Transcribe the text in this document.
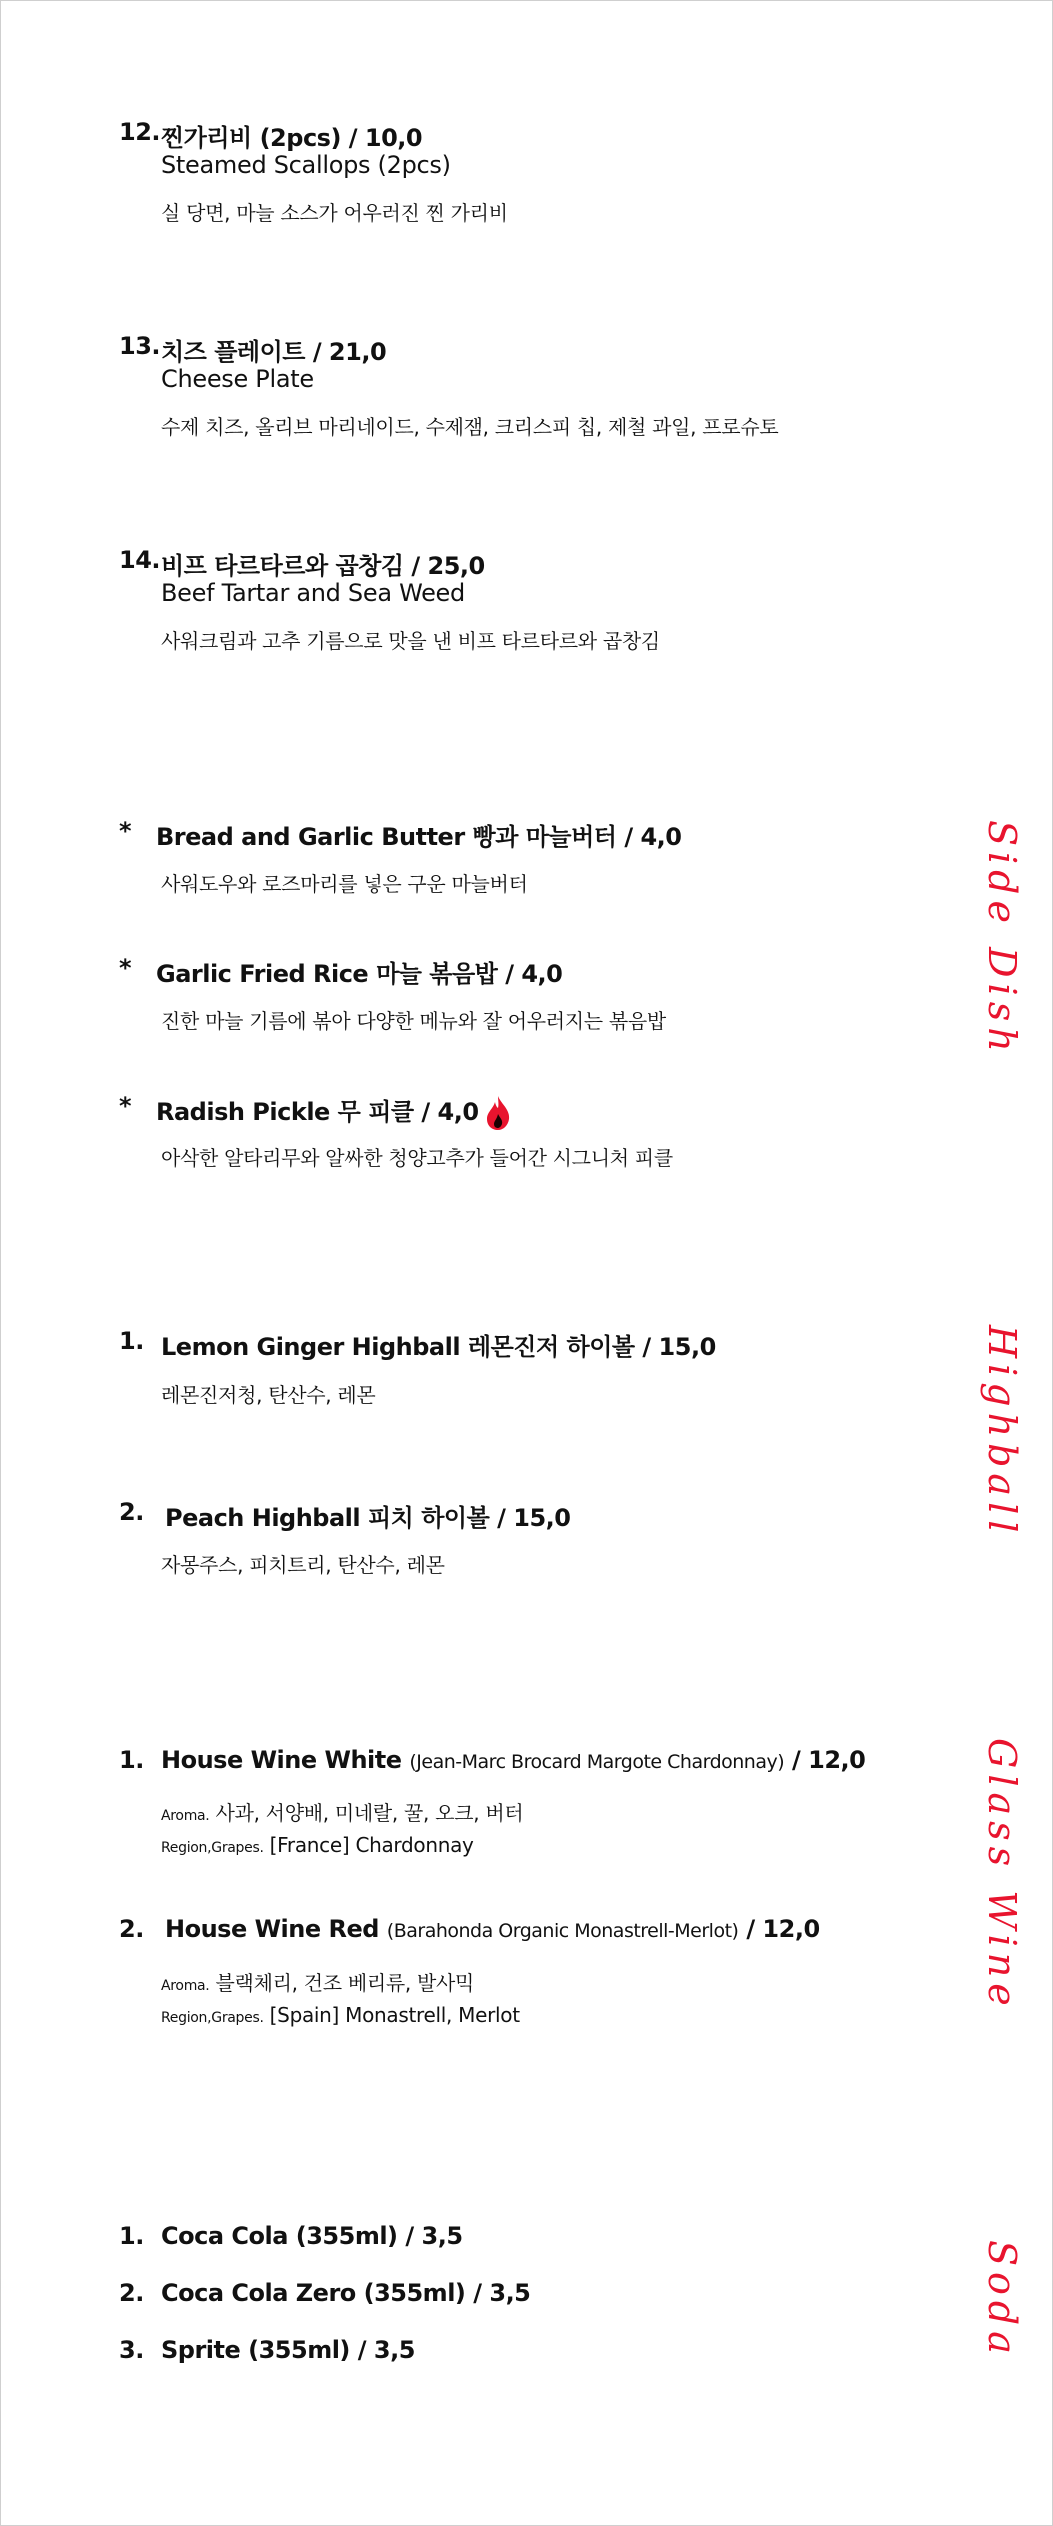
12. 찐가리비 (2pcs) / 10,0
Steamed Scallops (2pcs)
실 당면, 마늘 소스가 어우러진 찐 가리비
13. 치즈 플레이트 / 21,0
Cheese Plate
수제 치즈, 올리브 마리네이드, 수제잼, 크리스피 칩, 제철 과일, 프로슈토
14. 비프 타르타르와 곱창김 / 25,0
Beef Tartar and Sea Weed
사워크림과 고추 기름으로 맛을 낸 비프 타르타르와 곱창김
Side Dish
* Bread and Garlic Butter 빵과 마늘버터 / 4,0
사워도우와 로즈마리를 넣은 구운 마늘버터
* Garlic Fried Rice 마늘 볶음밥 / 4,0
진한 마늘 기름에 볶아 다양한 메뉴와 잘 어우러지는 볶음밥
* Radish Pickle 무 피클 / 4,0
아삭한 알타리무와 알싸한 청양고추가 들어간 시그니처 피클
Highball
1. Lemon Ginger Highball 레몬진저 하이볼 / 15,0
레몬진저청, 탄산수, 레몬
2. Peach Highball 피치 하이볼 / 15,0
자몽주스, 피치트리, 탄산수, 레몬
Glass Wine
1. House Wine White (Jean-Marc Brocard Margote Chardonnay) / 12,0
Aroma. 사과, 서양배, 미네랄, 꿀, 오크, 버터
Region,Grapes. [France] Chardonnay
2. House Wine Red (Barahonda Organic Monastrell-Merlot) / 12,0
Aroma. 블랙체리, 건조 베리류, 발사믹
Region,Grapes. [Spain] Monastrell, Merlot
Soda
1. Coca Cola (355ml) / 3,5
2. Coca Cola Zero (355ml) / 3,5
3. Sprite (355ml) / 3,5
